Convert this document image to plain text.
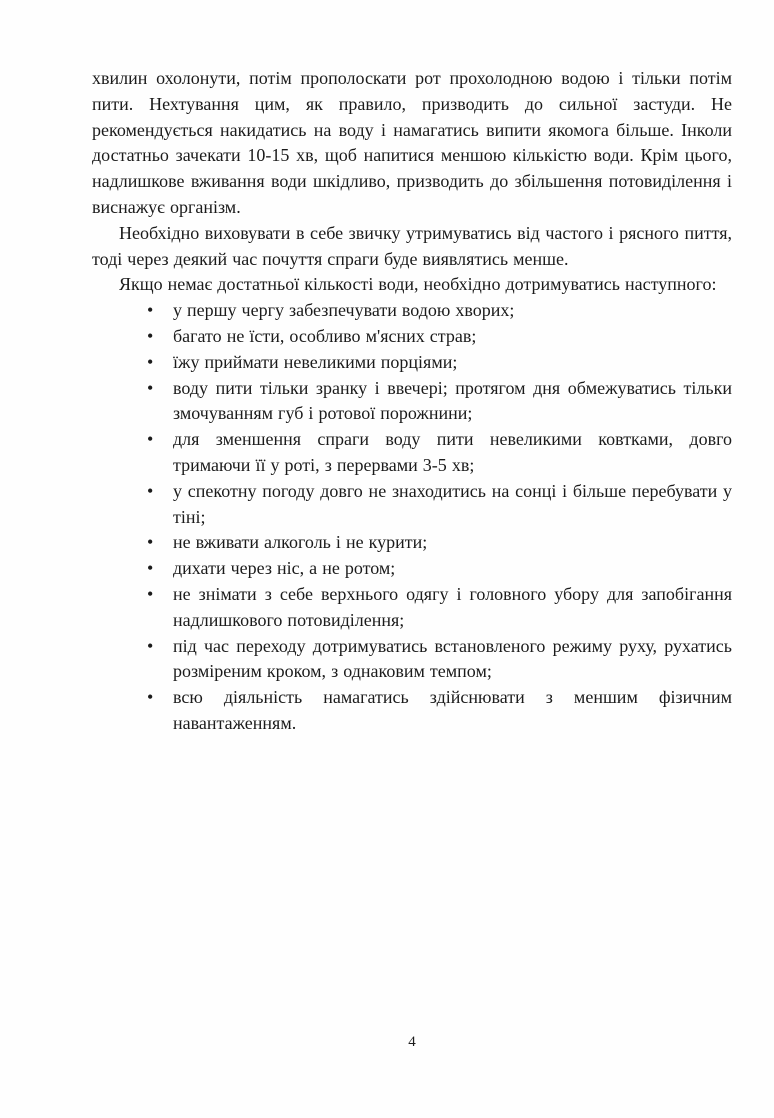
хвилин охолонути, потім прополоскати рот прохолодною водою і тільки потім пити. Нехтування цим, як правило, призводить до сильної застуди. Не рекомендується накидатись на воду і намагатись випити якомога більше. Інколи достатньо зачекати 10-15 хв, щоб напитися меншою кількістю води. Крім цього, надлишкове вживання води шкідливо, призводить до збільшення потовиділення і виснажує організм.

Необхідно виховувати в себе звичку утримуватись від частого і рясного пиття, тоді через деякий час почуття спраги буде виявлятись менше.

Якщо немає достатньої кількості води, необхідно дотримуватись наступного:

• у першу чергу забезпечувати водою хворих;
• багато не їсти, особливо м'ясних страв;
• їжу приймати невеликими порціями;
• воду пити тільки зранку і ввечері; протягом дня обмежуватись тільки змочуванням губ і ротової порожнини;
• для зменшення спраги воду пити невеликими ковтками, довго тримаючи її у роті, з перервами 3-5 хв;
• у спекотну погоду довго не знаходитись на сонці і більше перебувати у тіні;
• не вживати алкоголь і не курити;
• дихати через ніс, а не ротом;
• не знімати з себе верхнього одягу і головного убору для запобігання надлишкового потовиділення;
• під час переходу дотримуватись встановленого режиму руху, рухатись розміреним кроком, з однаковим темпом;
• всю діяльність намагатись здійснювати з меншим фізичним навантаженням.
4
